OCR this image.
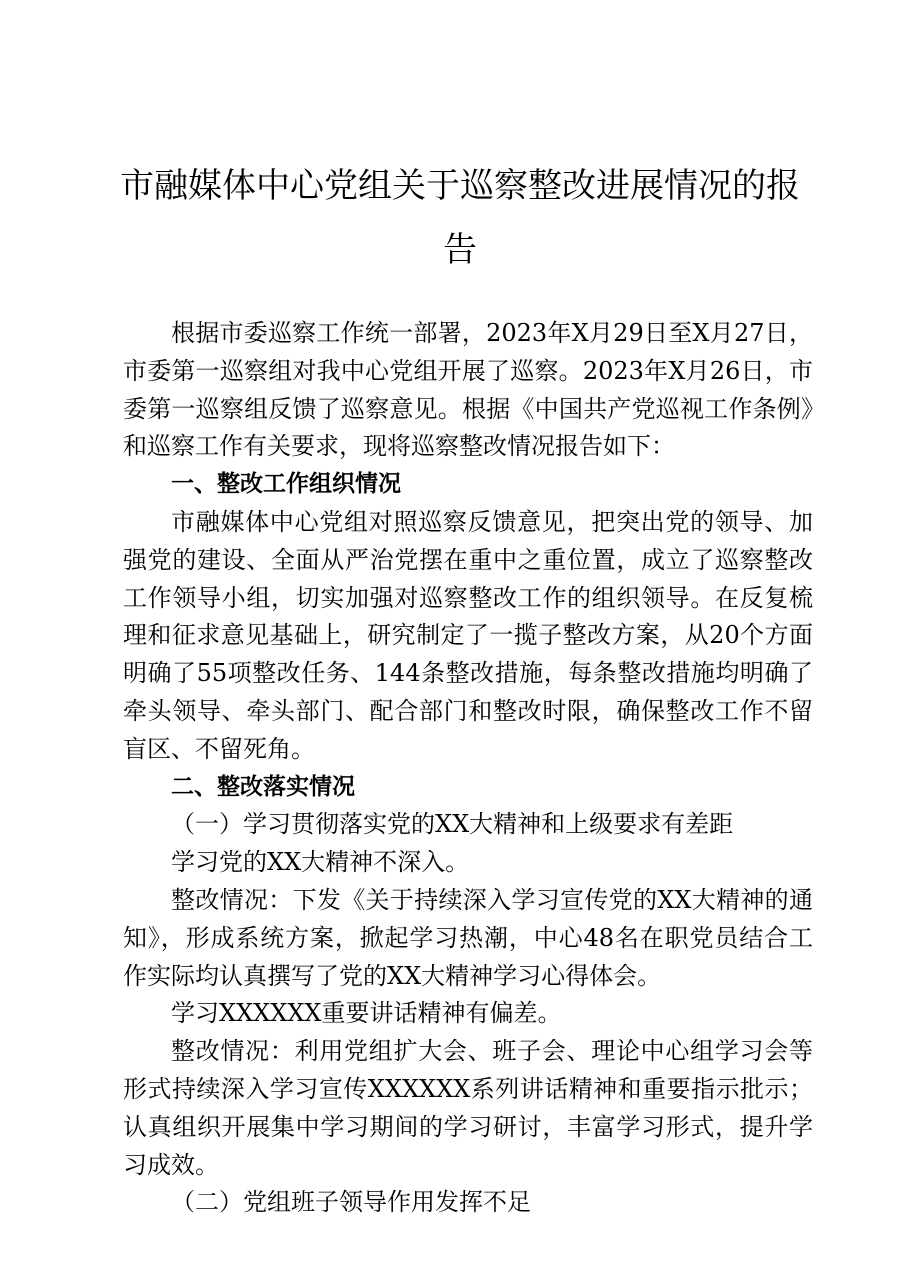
市融媒体中心党组关于巡察整改进展情况的报
告

根据市委巡察工作统一部署，2023年X月29日至X月27日，市委第一巡察组对我中心党组开展了巡察。2023年X月26日，市委第一巡察组反馈了巡察意见。根据《中国共产党巡视工作条例》和巡察工作有关要求，现将巡察整改情况报告如下：

一、整改工作组织情况

市融媒体中心党组对照巡察反馈意见，把突出党的领导、加强党的建设、全面从严治党摆在重中之重位置，成立了巡察整改工作领导小组，切实加强对巡察整改工作的组织领导。在反复梳理和征求意见基础上，研究制定了一揽子整改方案，从20个方面明确了55项整改任务、144条整改措施，每条整改措施均明确了牵头领导、牵头部门、配合部门和整改时限，确保整改工作不留盲区、不留死角。

二、整改落实情况

（一）学习贯彻落实党的XX大精神和上级要求有差距

学习党的XX大精神不深入。

整改情况：下发《关于持续深入学习宣传党的XX大精神的通知》，形成系统方案，掀起学习热潮，中心48名在职党员结合工作实际均认真撰写了党的XX大精神学习心得体会。

学习XXXXXX重要讲话精神有偏差。

整改情况：利用党组扩大会、班子会、理论中心组学习会等形式持续深入学习宣传XXXXXX系列讲话精神和重要指示批示；认真组织开展集中学习期间的学习研讨，丰富学习形式，提升学习成效。

（二）党组班子领导作用发挥不足
